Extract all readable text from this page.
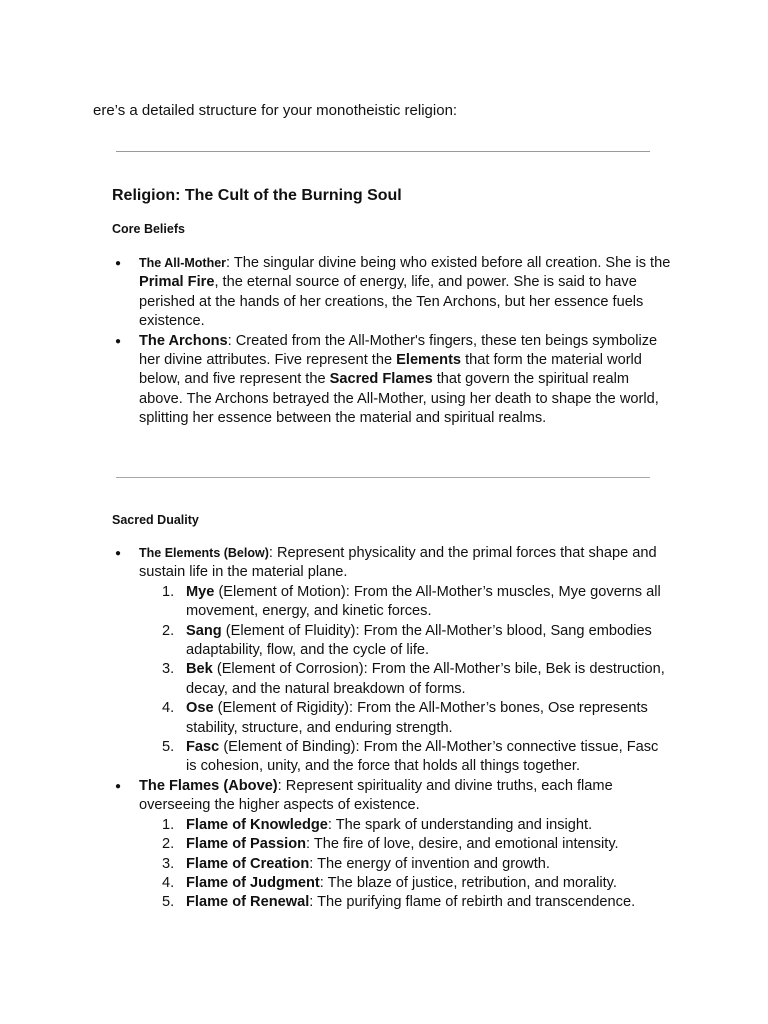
ere’s a detailed structure for your monotheistic religion:

Religion: The Cult of the Burning Soul
Core Beliefs
● The All-Mother: The singular divine being who existed before all creation. She is the Primal Fire, the eternal source of energy, life, and power. She is said to have perished at the hands of her creations, the Ten Archons, but her essence fuels existence.
● The Archons: Created from the All-Mother's fingers, these ten beings symbolize her divine attributes. Five represent the Elements that form the material world below, and five represent the Sacred Flames that govern the spiritual realm above. The Archons betrayed the All-Mother, using her death to shape the world, splitting her essence between the material and spiritual realms.
Sacred Duality
● The Elements (Below): Represent physicality and the primal forces that shape and sustain life in the material plane.
1. Mye (Element of Motion): From the All-Mother’s muscles, Mye governs all movement, energy, and kinetic forces.
2. Sang (Element of Fluidity): From the All-Mother’s blood, Sang embodies adaptability, flow, and the cycle of life.
3. Bek (Element of Corrosion): From the All-Mother’s bile, Bek is destruction, decay, and the natural breakdown of forms.
4. Ose (Element of Rigidity): From the All-Mother’s bones, Ose represents stability, structure, and enduring strength.
5. Fasc (Element of Binding): From the All-Mother’s connective tissue, Fasc is cohesion, unity, and the force that holds all things together.
● The Flames (Above): Represent spirituality and divine truths, each flame overseeing the higher aspects of existence.
1. Flame of Knowledge: The spark of understanding and insight.
2. Flame of Passion: The fire of love, desire, and emotional intensity.
3. Flame of Creation: The energy of invention and growth.
4. Flame of Judgment: The blaze of justice, retribution, and morality.
5. Flame of Renewal: The purifying flame of rebirth and transcendence.
